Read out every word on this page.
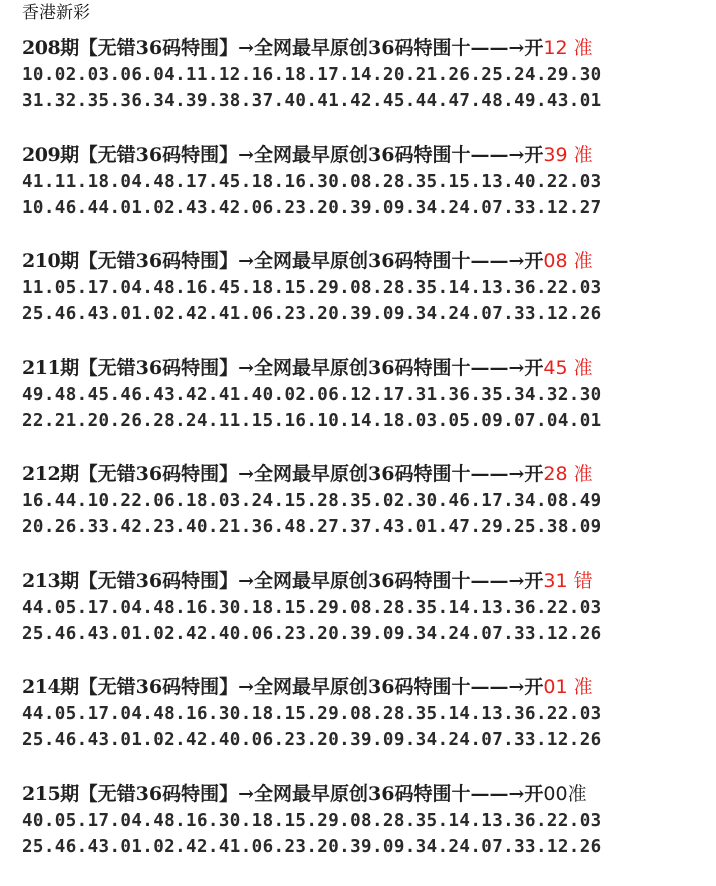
香港新彩
208期【无错36码特围】→全网最早原创36码特围十——→开12 准
10.02.03.06.04.11.12.16.18.17.14.20.21.26.25.24.29.30
31.32.35.36.34.39.38.37.40.41.42.45.44.47.48.49.43.01
209期【无错36码特围】→全网最早原创36码特围十——→开39 准
41.11.18.04.48.17.45.18.16.30.08.28.35.15.13.40.22.03
10.46.44.01.02.43.42.06.23.20.39.09.34.24.07.33.12.27
210期【无错36码特围】→全网最早原创36码特围十——→开08 准
11.05.17.04.48.16.45.18.15.29.08.28.35.14.13.36.22.03
25.46.43.01.02.42.41.06.23.20.39.09.34.24.07.33.12.26
211期【无错36码特围】→全网最早原创36码特围十——→开45 准
49.48.45.46.43.42.41.40.02.06.12.17.31.36.35.34.32.30
22.21.20.26.28.24.11.15.16.10.14.18.03.05.09.07.04.01
212期【无错36码特围】→全网最早原创36码特围十——→开28 准
16.44.10.22.06.18.03.24.15.28.35.02.30.46.17.34.08.49
20.26.33.42.23.40.21.36.48.27.37.43.01.47.29.25.38.09
213期【无错36码特围】→全网最早原创36码特围十——→开31 错
44.05.17.04.48.16.30.18.15.29.08.28.35.14.13.36.22.03
25.46.43.01.02.42.40.06.23.20.39.09.34.24.07.33.12.26
214期【无错36码特围】→全网最早原创36码特围十——→开01 准
44.05.17.04.48.16.30.18.15.29.08.28.35.14.13.36.22.03
25.46.43.01.02.42.40.06.23.20.39.09.34.24.07.33.12.26
215期【无错36码特围】→全网最早原创36码特围十——→开00准
40.05.17.04.48.16.30.18.15.29.08.28.35.14.13.36.22.03
25.46.43.01.02.42.41.06.23.20.39.09.34.24.07.33.12.26
